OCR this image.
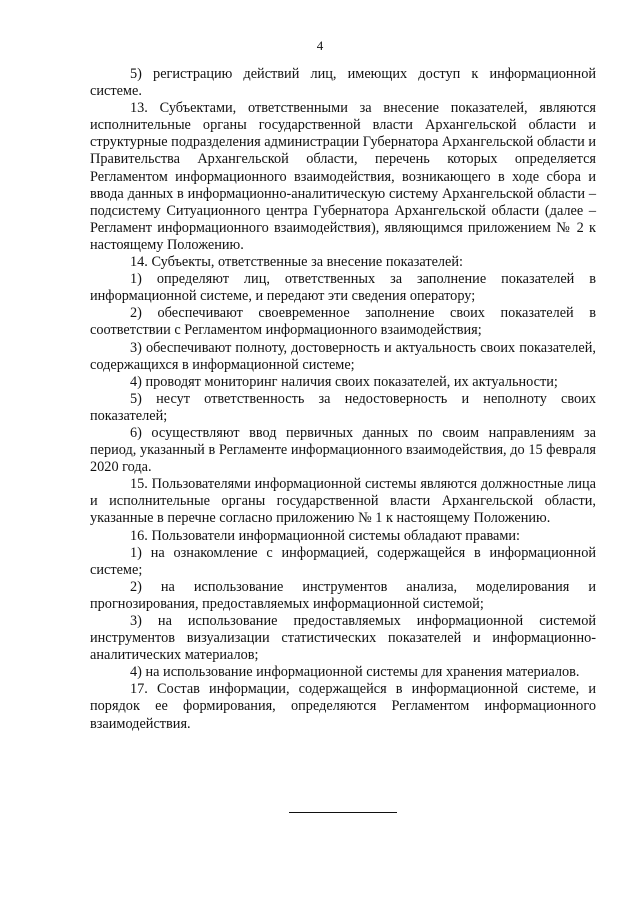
4

5) регистрацию действий лиц, имеющих доступ к информационной системе.

13. Субъектами, ответственными за внесение показателей, являются исполнительные органы государственной власти Архангельской области и структурные подразделения администрации Губернатора Архангельской области и Правительства Архангельской области, перечень которых определяется Регламентом информационного взаимодействия, возникающего в ходе сбора и ввода данных в информационно-аналитическую систему Архангельской области – подсистему Ситуационного центра Губернатора Архангельской области (далее – Регламент информационного взаимодействия), являющимся приложением № 2 к настоящему Положению.

14. Субъекты, ответственные за внесение показателей:

1) определяют лиц, ответственных за заполнение показателей в информационной системе, и передают эти сведения оператору;

2) обеспечивают своевременное заполнение своих показателей в соответствии с Регламентом информационного взаимодействия;

3) обеспечивают полноту, достоверность и актуальность своих показателей, содержащихся в информационной системе;

4) проводят мониторинг наличия своих показателей, их актуальности;

5) несут ответственность за недостоверность и неполноту своих показателей;

6) осуществляют ввод первичных данных по своим направлениям за период, указанный в Регламенте информационного взаимодействия, до 15 февраля 2020 года.

15. Пользователями информационной системы являются должностные лица и исполнительные органы государственной власти Архангельской области, указанные в перечне согласно приложению № 1 к настоящему Положению.

16. Пользователи информационной системы обладают правами:

1) на ознакомление с информацией, содержащейся в информационной системе;

2) на использование инструментов анализа, моделирования и прогнозирования, предоставляемых информационной системой;

3) на использование предоставляемых информационной системой инструментов визуализации статистических показателей и информационно-аналитических материалов;

4) на использование информационной системы для хранения материалов.

17. Состав информации, содержащейся в информационной системе, и порядок ее формирования, определяются Регламентом информационного взаимодействия.
